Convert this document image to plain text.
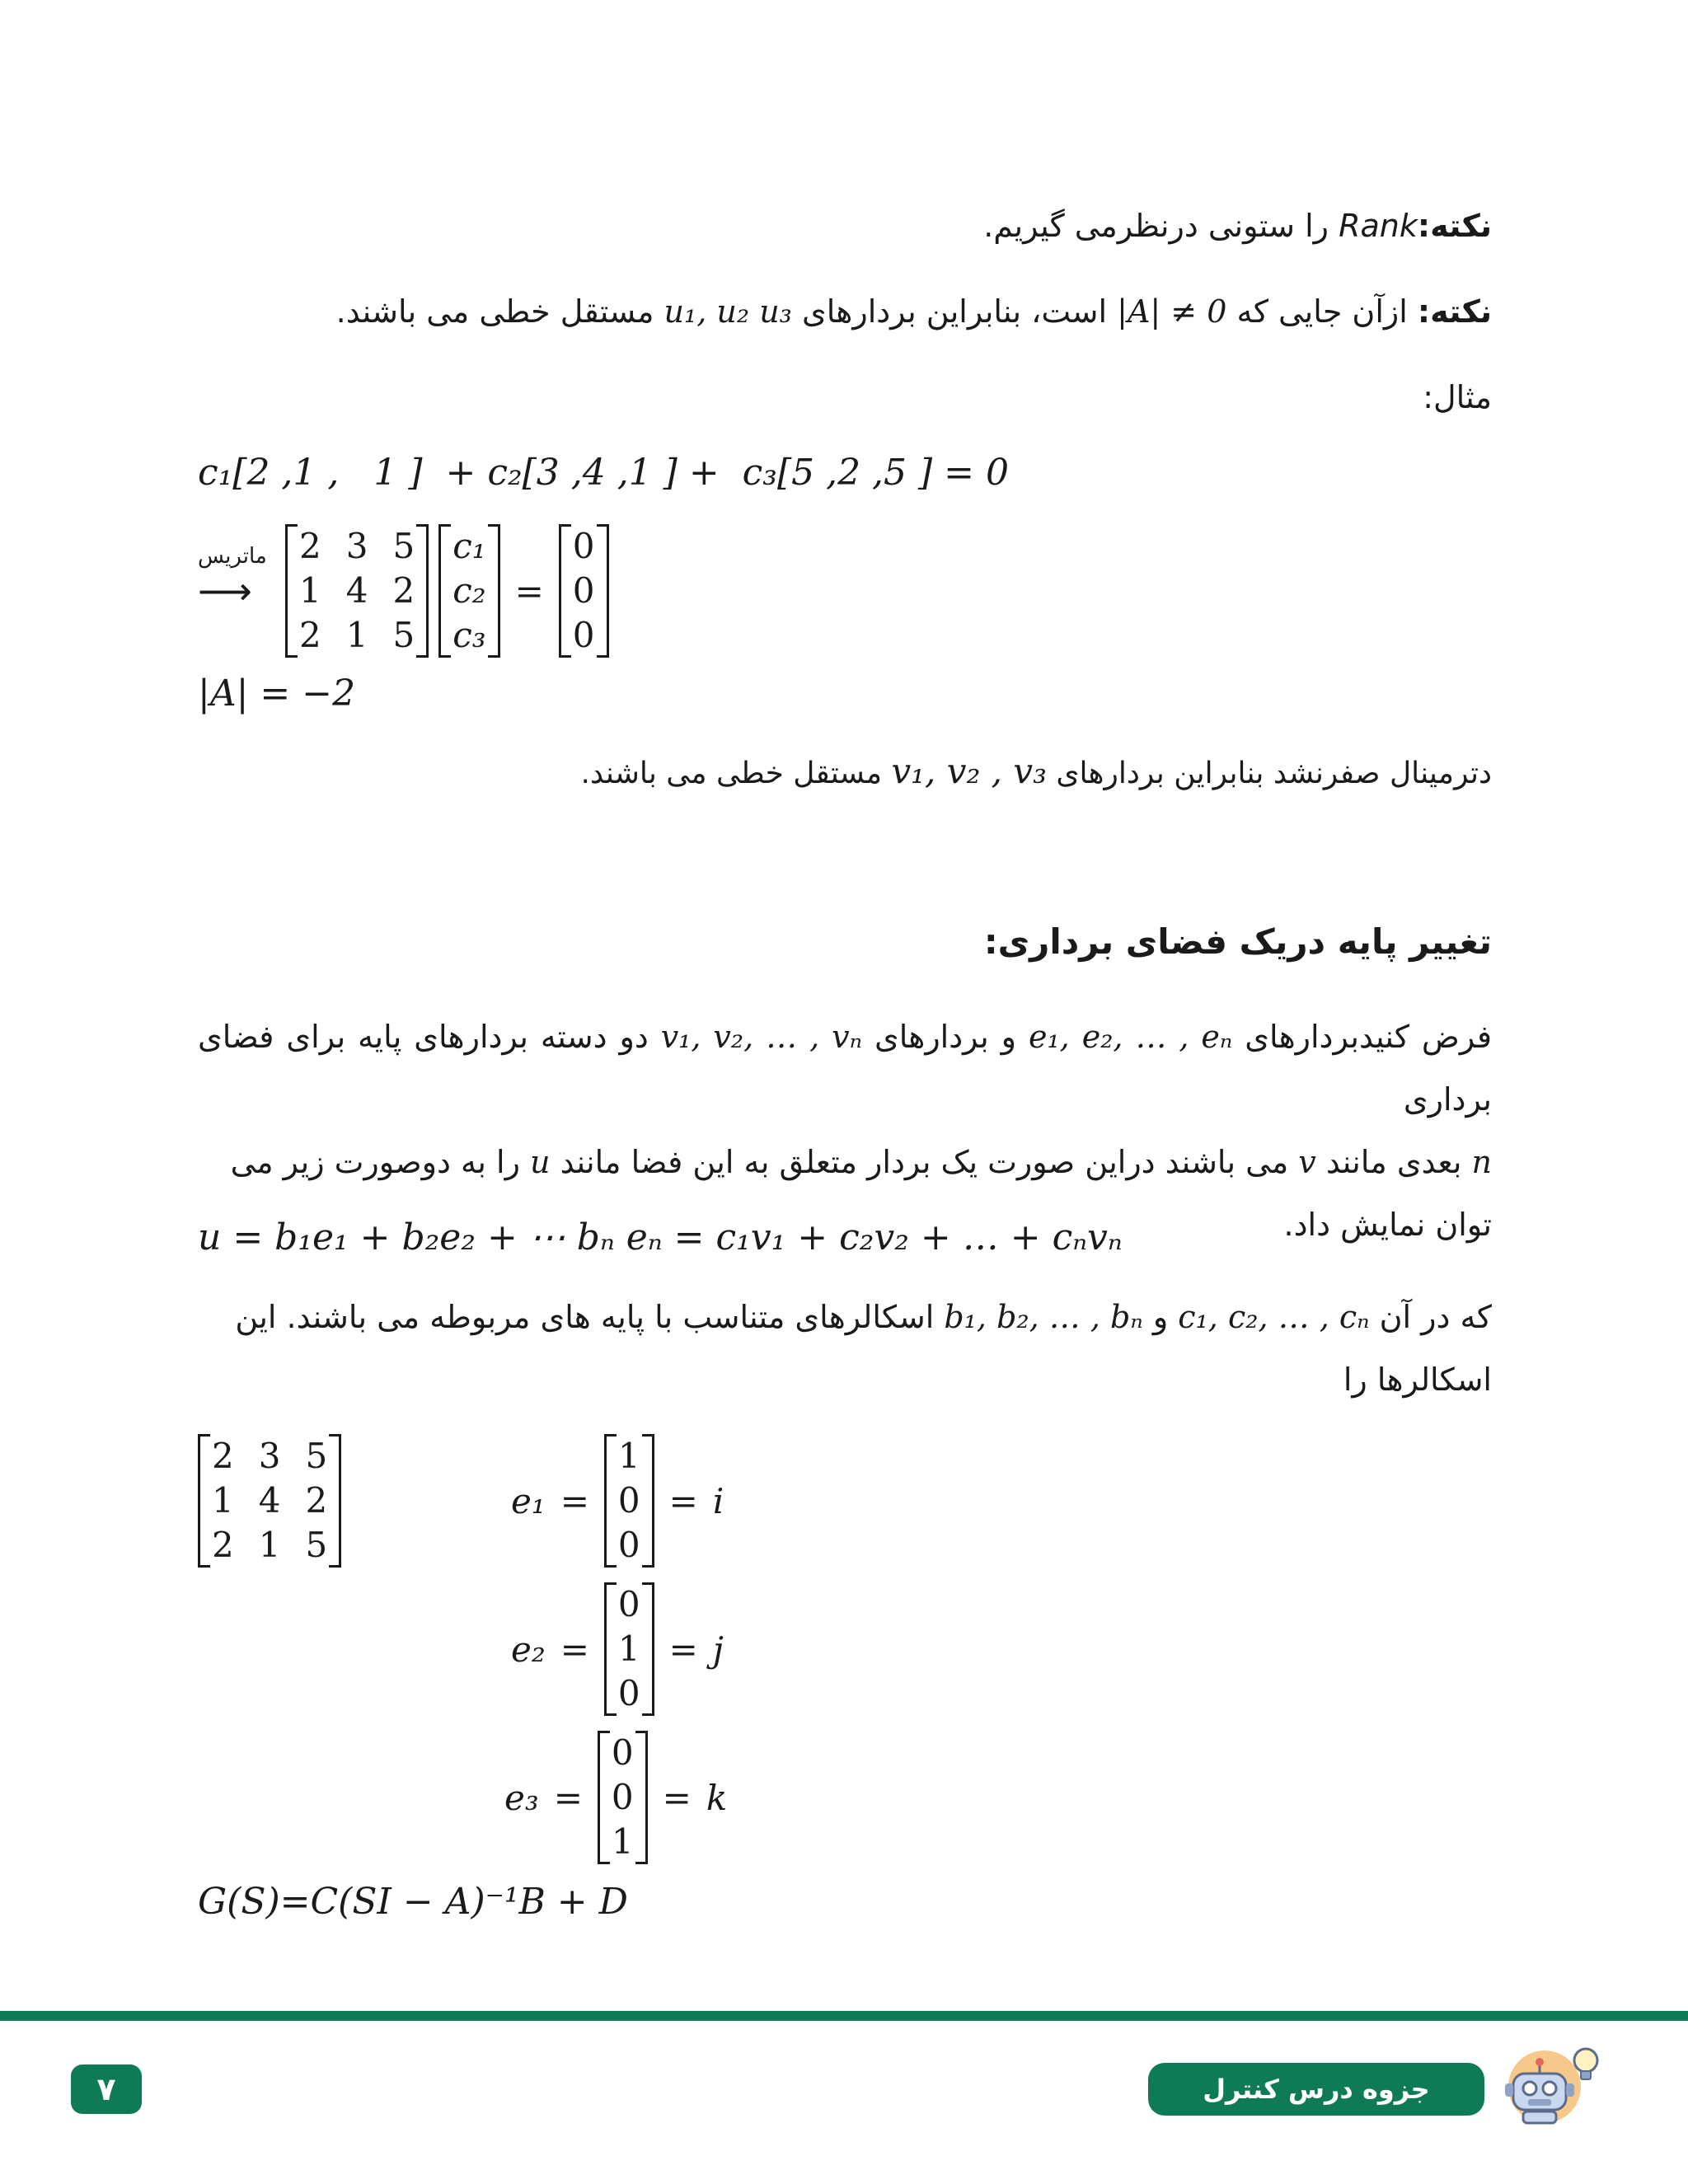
نکته:Rank را ستونی درنظرمی گیریم.
نکته: ازآن جایی که |A| ≠ 0 است، بنابراین بردارهای u₁, u₂ u₃ مستقل خطی می باشند.
مثال:
c₁[2 ,1 ,   1 ]  + c₂[3 ,4 ,1 ] +  c₃[5 ,2 ,5 ] = 0
ماتریس
⟶
2 3 5
1 4 2
2 1 5
c₁
c₂
c₃
=
0
0
0
|A| = −2
دترمینال صفرنشد بنابراین بردارهای v₁, v₂ , v₃ مستقل خطی می باشند.
تغییر پایه دریک فضای برداری:
فرض کنیدبردارهای e₁, e₂, … , eₙ و بردارهای v₁, v₂, … , vₙ دو دسته بردارهای پایه برای فضای برداری
n بعدی مانند v می باشند دراین صورت یک بردار متعلق به این فضا مانند u را به دوصورت زیر می
توان نمایش داد.
u = b₁e₁ + b₂e₂ + ⋯ bₙ eₙ = c₁v₁ + c₂v₂ + … + cₙvₙ
که در آن c₁, c₂, … , cₙ و b₁, b₂, … , bₙ اسکالرهای متناسب با پایه های مربوطه می باشند. این
اسکالرها را
2 3 5
1 4 2
2 1 5
e₁ =
1
0
0
= i
e₂ =
0
1
0
= j
e₃ =
0
0
1
= k
G(S)=C(SI − A)⁻¹B + D
۷	جزوه درس کنترل
